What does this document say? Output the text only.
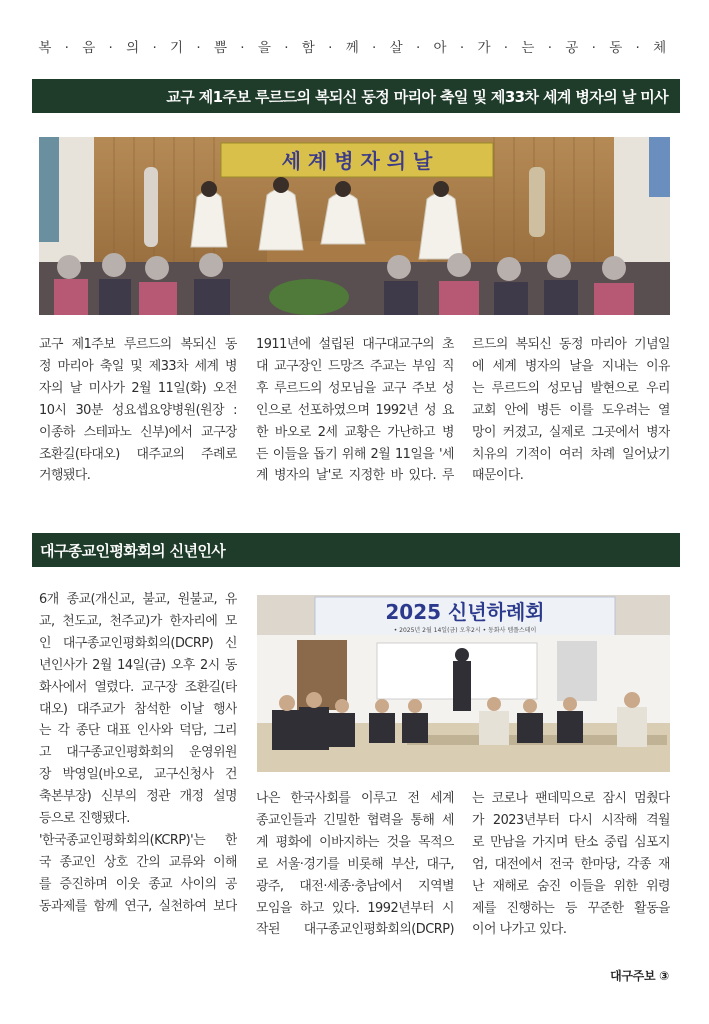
복 · 음 · 의 · 기 · 쁨 · 을 · 함 · 께 · 살 · 아 · 가 · 는 · 공 · 동 · 체
교구 제1주보 루르드의 복되신 동정 마리아 축일 및 제33차 세계 병자의 날 미사
세 계 병 자 의 날
교구 제1주보 루르드의 복되신 동
정 마리아 축일 및 제33차 세계 병
자의 날 미사가 2월 11일(화) 오전
10시 30분 성요셉요양병원(원장 :
이종하 스테파노 신부)에서 교구장
조환길(타대오) 대주교의 주례로
거행됐다.
1911년에 설립된 대구대교구의 초
대 교구장인 드망즈 주교는 부임 직
후 루르드의 성모님을 교구 주보 성
인으로 선포하였으며 1992년 성 요
한 바오로 2세 교황은 가난하고 병
든 이들을 돕기 위해 2월 11일을 '세
계 병자의 날'로 지정한 바 있다. 루
르드의 복되신 동정 마리아 기념일
에 세계 병자의 날을 지내는 이유
는 루르드의 성모님 발현으로 우리
교회 안에 병든 이를 도우려는 열
망이 커졌고, 실제로 그곳에서 병자
치유의 기적이 여러 차례 일어났기
때문이다.
대구종교인평화회의 신년인사
6개 종교(개신교, 불교, 원불교, 유
교, 천도교, 천주교)가 한자리에 모
인 대구종교인평화회의(DCRP) 신
년인사가 2월 14일(금) 오후 2시 동
화사에서 열렸다. 교구장 조환길(타
대오) 대주교가 참석한 이날 행사
는 각 종단 대표 인사와 덕담, 그리
고 대구종교인평화회의 운영위원
장 박영일(바오로, 교구신청사 건
축본부장) 신부의 정관 개정 설명
등으로 진행됐다.
'한국종교인평화회의(KCRP)'는 한
국 종교인 상호 간의 교류와 이해
를 증진하며 이웃 종교 사이의 공
동과제를 함께 연구, 실천하여 보다
2025 신년하례회
• 2025년 2월 14일(금) 오후2시 • 동화사 템플스테이
나은 한국사회를 이루고 전 세계
종교인들과 긴밀한 협력을 통해 세
계 평화에 이바지하는 것을 목적으
로 서울·경기를 비롯해 부산, 대구,
광주, 대전·세종·충남에서 지역별
모임을 하고 있다. 1992년부터 시
작된 대구종교인평화회의(DCRP)
는 코로나 팬데믹으로 잠시 멈췄다
가 2023년부터 다시 시작해 격월
로 만남을 가지며 탄소 중립 심포지
엄, 대전에서 전국 한마당, 각종 재
난 재해로 숨진 이들을 위한 위령
제를 진행하는 등 꾸준한 활동을
이어 나가고 있다.
대구주보 ③
